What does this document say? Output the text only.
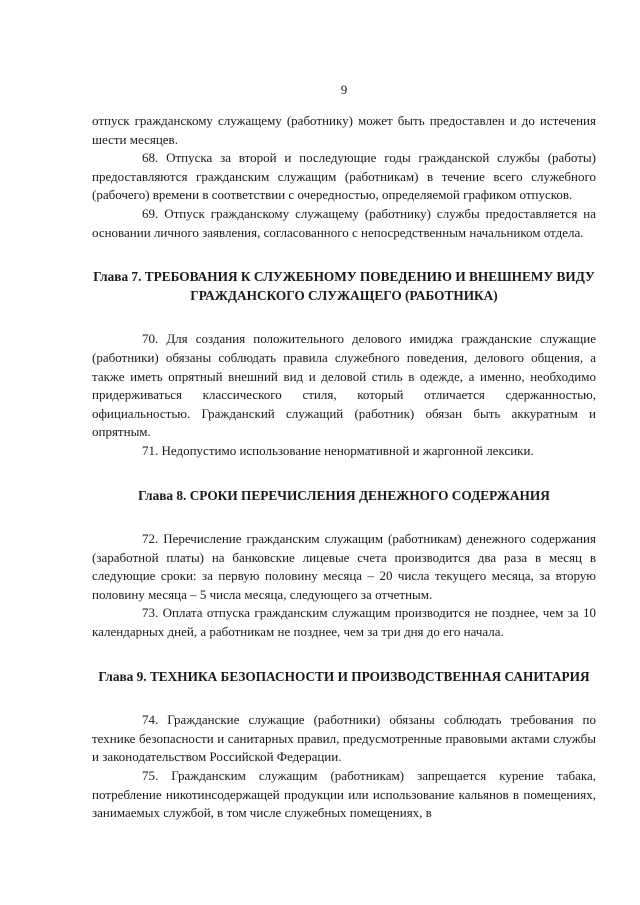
9

отпуск гражданскому служащему (работнику) может быть предоставлен и до истечения шести месяцев.

68. Отпуска за второй и последующие годы гражданской службы (работы) предоставляются гражданским служащим (работникам) в течение всего служебного (рабочего) времени в соответствии с очередностью, определяемой графиком отпусков.

69. Отпуск гражданскому служащему (работнику) службы предоставляется на основании личного заявления, согласованного с непосредственным начальником отдела.

Глава 7. ТРЕБОВАНИЯ К СЛУЖЕБНОМУ ПОВЕДЕНИЮ И ВНЕШНЕМУ ВИДУ ГРАЖДАНСКОГО СЛУЖАЩЕГО (РАБОТНИКА)

70. Для создания положительного делового имиджа гражданские служащие (работники) обязаны соблюдать правила служебного поведения, делового общения, а также иметь опрятный внешний вид и деловой стиль в одежде, а именно, необходимо придерживаться классического стиля, который отличается сдержанностью, официальностью. Гражданский служащий (работник) обязан быть аккуратным и опрятным.

71. Недопустимо использование ненормативной и жаргонной лексики.

Глава 8. СРОКИ ПЕРЕЧИСЛЕНИЯ ДЕНЕЖНОГО СОДЕРЖАНИЯ

72. Перечисление гражданским служащим (работникам) денежного содержания (заработной платы) на банковские лицевые счета производится два раза в месяц в следующие сроки: за первую половину месяца – 20 числа текущего месяца, за вторую половину месяца – 5 числа месяца, следующего за отчетным.

73. Оплата отпуска гражданским служащим производится не позднее, чем за 10 календарных дней, а работникам не позднее, чем за три дня до его начала.

Глава 9. ТЕХНИКА БЕЗОПАСНОСТИ И ПРОИЗВОДСТВЕННАЯ САНИТАРИЯ

74. Гражданские служащие (работники) обязаны соблюдать требования по технике безопасности и санитарных правил, предусмотренные правовыми актами службы и законодательством Российской Федерации.

75. Гражданским служащим (работникам) запрещается курение табака, потребление никотинсодержащей продукции или использование кальянов в помещениях, занимаемых службой, в том числе служебных помещениях, в
